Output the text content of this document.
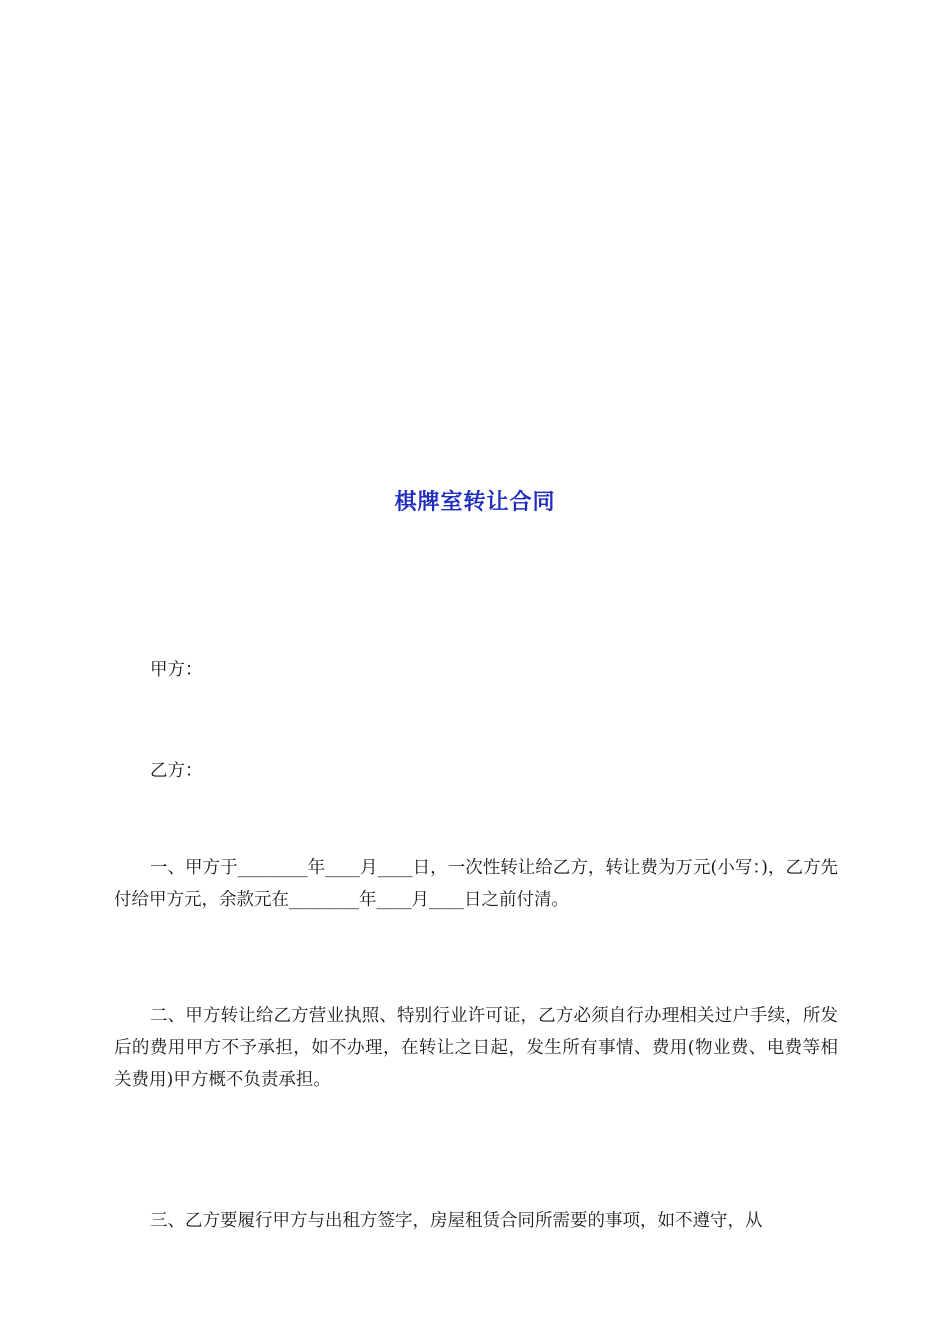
棋牌室转让合同
甲方：
乙方：
一、甲方于________年____月____日，一次性转让给乙方，转让费为万元(小写：)，乙方先付给甲方元，余款元在________年____月____日之前付清。
二、甲方转让给乙方营业执照、特别行业许可证，乙方必须自行办理相关过户手续，所发后的费用甲方不予承担，如不办理，在转让之日起，发生所有事情、费用(物业费、电费等相关费用)甲方概不负责承担。
三、乙方要履行甲方与出租方签字，房屋租赁合同所需要的事项，如不遵守，从
